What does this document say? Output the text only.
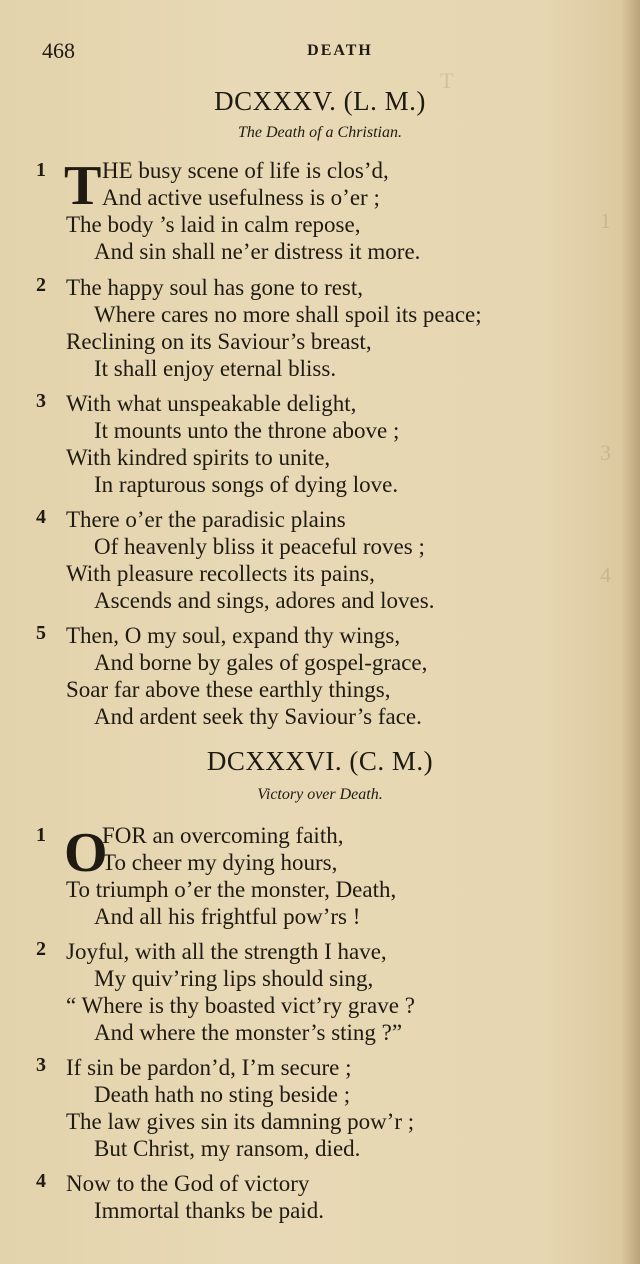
T
1
3
4
468	DEATH
DCXXXV. (L. M.)
The Death of a Christian.
1 T HE busy scene of life is clos’d,
And active usefulness is o’er ;
The body ’s laid in calm repose,
And sin shall ne’er distress it more.
2 The happy soul has gone to rest,
Where cares no more shall spoil its peace;
Reclining on its Saviour’s breast,
It shall enjoy eternal bliss.
3 With what unspeakable delight,
It mounts unto the throne above ;
With kindred spirits to unite,
In rapturous songs of dying love.
4 There o’er the paradisic plains
Of heavenly bliss it peaceful roves ;
With pleasure recollects its pains,
Ascends and sings, adores and loves.
5 Then, O my soul, expand thy wings,
And borne by gales of gospel-grace,
Soar far above these earthly things,
And ardent seek thy Saviour’s face.
DCXXXVI. (C. M.)
Victory over Death.
1 O
FOR an overcoming faith,
To cheer my dying hours,
To triumph o’er the monster, Death,
And all his frightful pow’rs !
2 Joyful, with all the strength I have,
My quiv’ring lips should sing,
“ Where is thy boasted vict’ry grave ?
And where the monster’s sting ?”
3 If sin be pardon’d, I’m secure ;
Death hath no sting beside ;
The law gives sin its damning pow’r ;
But Christ, my ransom, died.
4 Now to the God of victory
Immortal thanks be paid.
